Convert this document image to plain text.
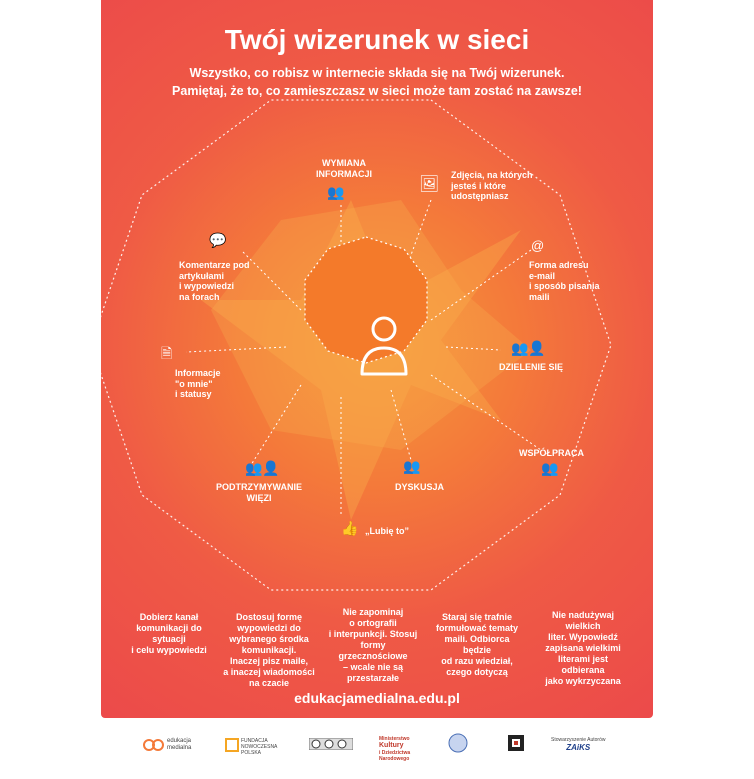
Twój wizerunek w sieci
Wszystko, co robisz w internecie składa się na Twój wizerunek.
Pamiętaj, że to, co zamieszczasz w sieci może tam zostać na zawsze!
WYMIANA
INFORMACJI
👥	🖼
Zdjęcia, na których
jesteś i które
udostępniasz
@
Forma adresu
e-mail
i sposób pisania
maili
👥👤
DZIELENIE SIĘ
WSPÓŁPRACA
👥
👥
DYSKUSJA
👍 „Lubię to”
👥👤
PODTRZYMYWANIE
WIĘZI
🗎
Informacje
"o mnie"
i statusy
💬
Komentarze pod
artykułami
i wypowiedzi
na forach
Dobierz kanał
komunikacji do sytuacji
i celu wypowiedzi
Dostosuj formę
wypowiedzi do
wybranego środka
komunikacji.
Inaczej pisz maile,
a inaczej wiadomości
na czacie
Nie zapominaj
o ortografii
i interpunkcji. Stosuj
formy grzecznościowe
– wcale nie są
przestarzałe
Staraj się trafnie
formułować tematy
maili. Odbiorca będzie
od razu wiedział,
czego dotyczą
Nie nadużywaj wielkich
liter. Wypowiedź
zapisana wielkimi
literami jest odbierana
jako wykrzyczana
edukacjamedialna.edu.pl
edukacja
medialna
FUNDACJA
NOWOCZESNA
POLSKA
Ministerstwo
Kultury
i Dziedzictwa
Narodowego
Stowarzyszenie Autorów
ZAiKS
